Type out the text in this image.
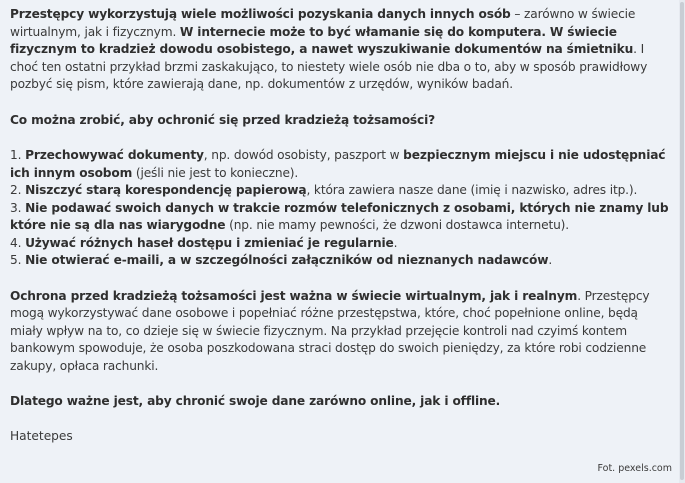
Przestępcy wykorzystują wiele możliwości pozyskania danych innych osób – zarówno w świecie wirtualnym, jak i fizycznym. W internecie może to być włamanie się do komputera. W świecie fizycznym to kradzież dowodu osobistego, a nawet wyszukiwanie dokumentów na śmietniku. I choć ten ostatni przykład brzmi zaskakująco, to niestety wiele osób nie dba o to, aby w sposób prawidłowy pozbyć się pism, które zawierają dane, np. dokumentów z urzędów, wyników badań.

Co można zrobić, aby ochronić się przed kradzieżą tożsamości?

1. Przechowywać dokumenty, np. dowód osobisty, paszport w bezpiecznym miejscu i nie udostępniać ich innym osobom (jeśli nie jest to konieczne).
2. Niszczyć starą korespondencję papierową, która zawiera nasze dane (imię i nazwisko, adres itp.).
3. Nie podawać swoich danych w trakcie rozmów telefonicznych z osobami, których nie znamy lub które nie są dla nas wiarygodne (np. nie mamy pewności, że dzwoni dostawca internetu).
4. Używać różnych haseł dostępu i zmieniać je regularnie.
5. Nie otwierać e-maili, a w szczególności załączników od nieznanych nadawców.

Ochrona przed kradzieżą tożsamości jest ważna w świecie wirtualnym, jak i realnym. Przestępcy mogą wykorzystywać dane osobowe i popełniać różne przestępstwa, które, choć popełnione online, będą miały wpływ na to, co dzieje się w świecie fizycznym. Na przykład przejęcie kontroli nad czyimś kontem bankowym spowoduje, że osoba poszkodowana straci dostęp do swoich pieniędzy, za które robi codzienne zakupy, opłaca rachunki.

Dlatego ważne jest, aby chronić swoje dane zarówno online, jak i offline.

Hatetepes
Fot. pexels.com
